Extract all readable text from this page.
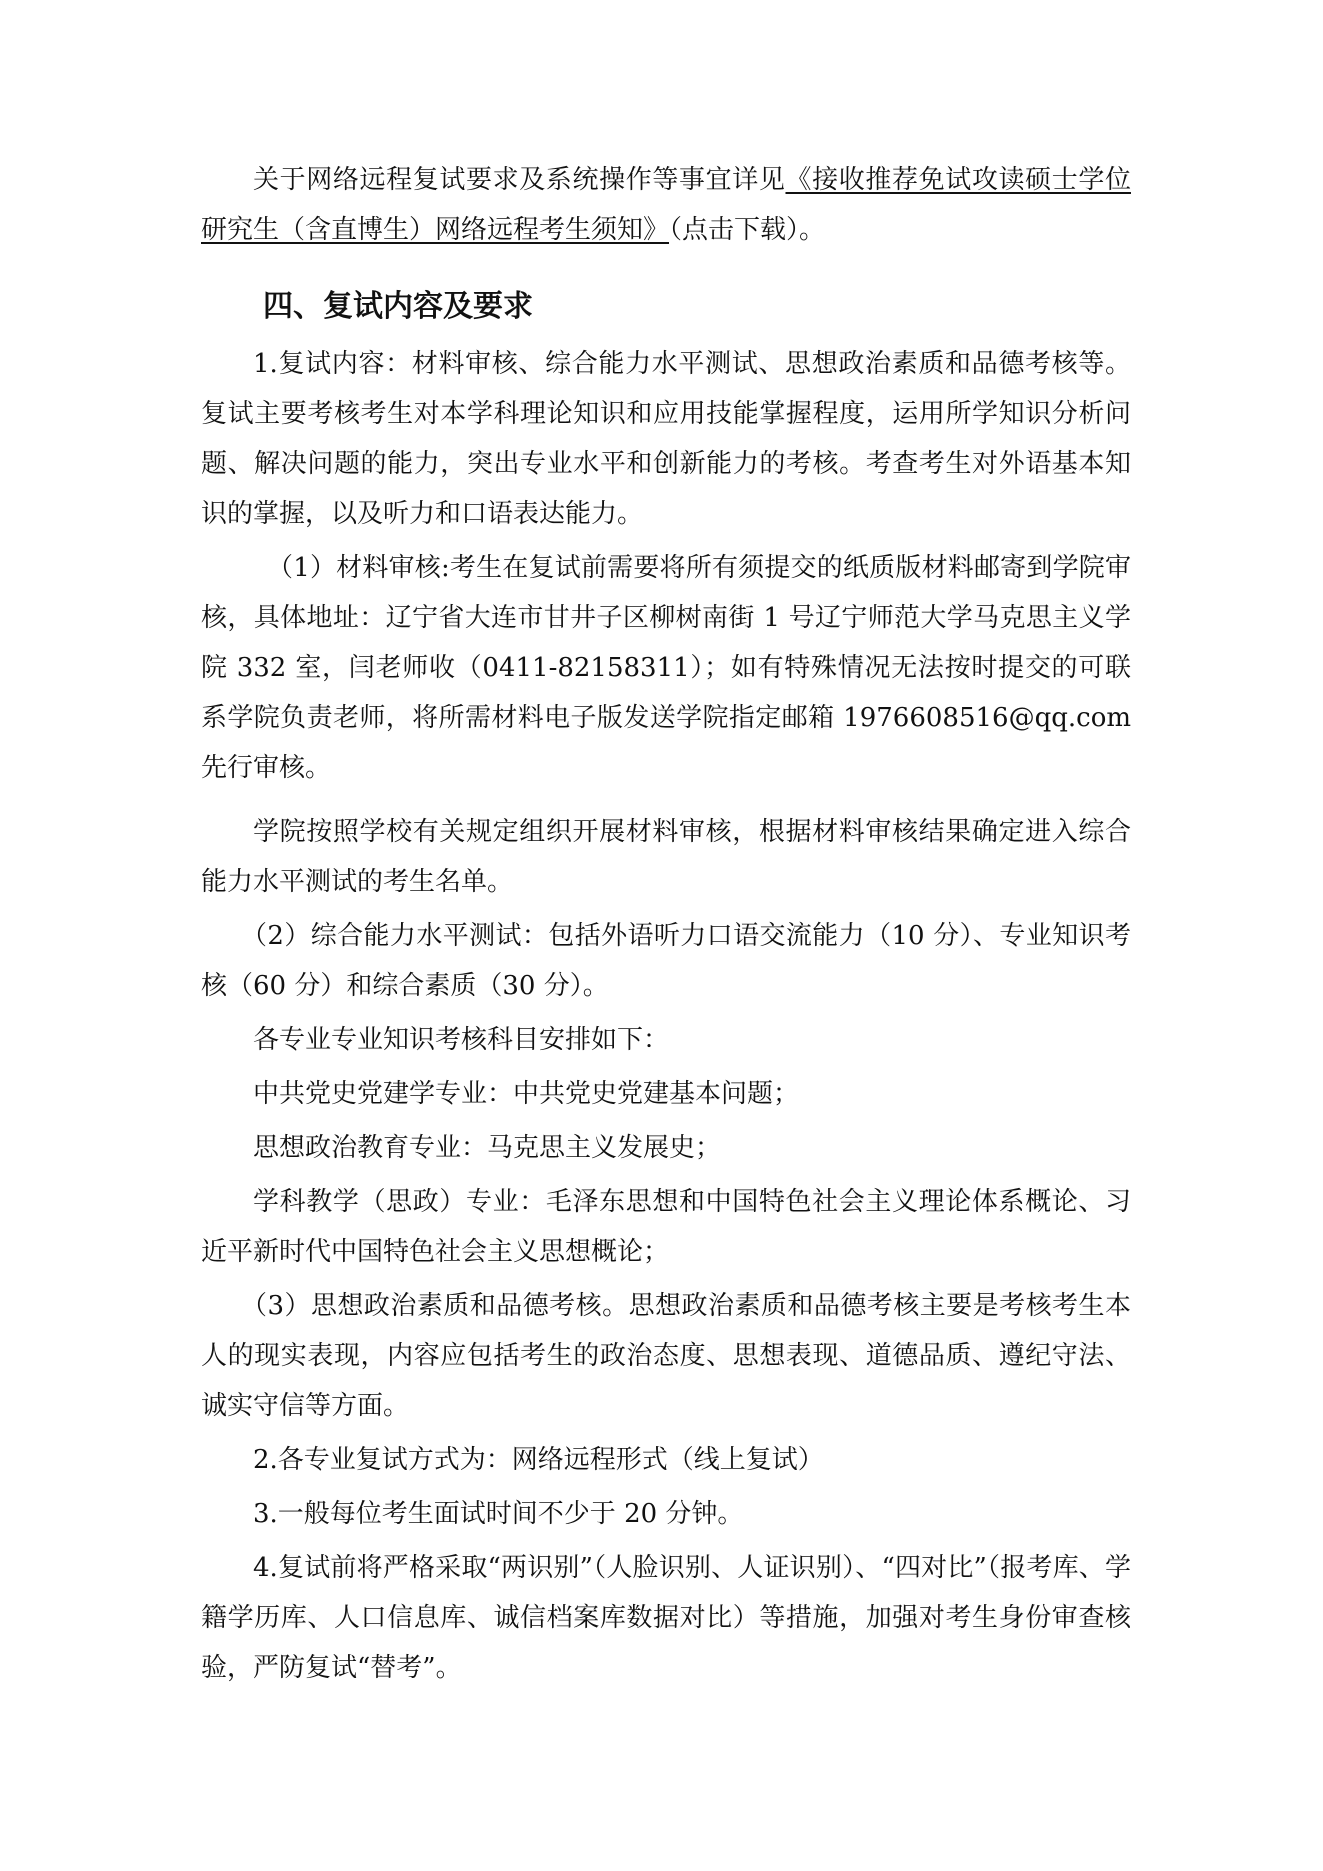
关于网络远程复试要求及系统操作等事宜详见《接收推荐免试攻读硕士学位研究生（含直博生）网络远程考生须知》（点击下载）。

四、复试内容及要求

1.复试内容：材料审核、综合能力水平测试、思想政治素质和品德考核等。复试主要考核考生对本学科理论知识和应用技能掌握程度，运用所学知识分析问题、解决问题的能力，突出专业水平和创新能力的考核。考查考生对外语基本知识的掌握，以及听力和口语表达能力。

（1）材料审核:考生在复试前需要将所有须提交的纸质版材料邮寄到学院审核，具体地址：辽宁省大连市甘井子区柳树南街 1 号辽宁师范大学马克思主义学院 332 室，闫老师收（0411-82158311）；如有特殊情况无法按时提交的可联系学院负责老师，将所需材料电子版发送学院指定邮箱 1976608516@qq.com 先行审核。

学院按照学校有关规定组织开展材料审核，根据材料审核结果确定进入综合能力水平测试的考生名单。

（2）综合能力水平测试：包括外语听力口语交流能力（10 分）、专业知识考核（60 分）和综合素质（30 分）。

各专业专业知识考核科目安排如下：

中共党史党建学专业：中共党史党建基本问题；

思想政治教育专业：马克思主义发展史；

学科教学（思政）专业：毛泽东思想和中国特色社会主义理论体系概论、习近平新时代中国特色社会主义思想概论；

（3）思想政治素质和品德考核。思想政治素质和品德考核主要是考核考生本人的现实表现，内容应包括考生的政治态度、思想表现、道德品质、遵纪守法、诚实守信等方面。

2.各专业复试方式为：网络远程形式（线上复试）

3.一般每位考生面试时间不少于 20 分钟。

4.复试前将严格采取“两识别”（人脸识别、人证识别）、“四对比”（报考库、学籍学历库、人口信息库、诚信档案库数据对比）等措施，加强对考生身份审查核验，严防复试“替考”。
